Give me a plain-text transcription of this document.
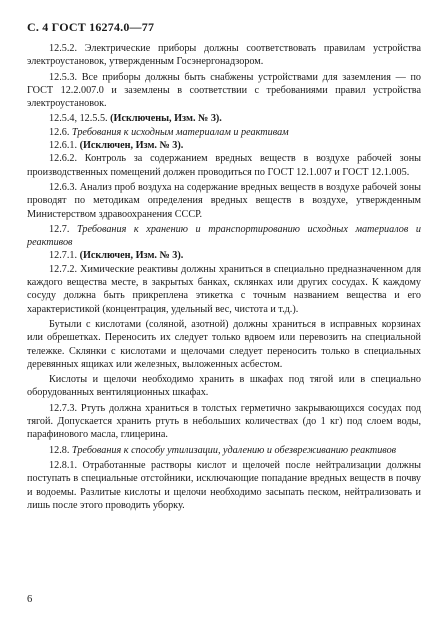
С. 4 ГОСТ 16274.0—77

12.5.2. Электрические приборы должны соответствовать правилам устройства электроустановок, утвержденным Госэнергонадзором.

12.5.3. Все приборы должны быть снабжены устройствами для заземления — по ГОСТ 12.2.007.0 и заземлены в соответствии с требованиями правил устройства электроустановок.

12.5.4, 12.5.5. (Исключены, Изм. № 3).

12.6. Требования к исходным материалам и реактивам

12.6.1. (Исключен, Изм. № 3).

12.6.2. Контроль за содержанием вредных веществ в воздухе рабочей зоны производственных помещений должен проводиться по ГОСТ 12.1.007 и ГОСТ 12.1.005.

12.6.3. Анализ проб воздуха на содержание вредных веществ в воздухе рабочей зоны проводят по методикам определения вредных веществ в воздухе, утвержденным Министерством здравоохранения СССР.

12.7. Требования к хранению и транспортированию исходных материалов и реактивов

12.7.1. (Исключен, Изм. № 3).

12.7.2. Химические реактивы должны храниться в специально предназначенном для каждого вещества месте, в закрытых банках, склянках или других сосудах. К каждому сосуду должна быть прикреплена этикетка с точным названием вещества и его характеристикой (концентрация, удельный вес, чистота и т.д.).

Бутыли с кислотами (соляной, азотной) должны храниться в исправных корзинах или обрешетках. Переносить их следует только вдвоем или перевозить на специальной тележке. Склянки с кислотами и щелочами следует переносить только в специальных деревянных ящиках или железных, выложенных асбестом.

Кислоты и щелочи необходимо хранить в шкафах под тягой или в специально оборудованных вентиляционных шкафах.

12.7.3. Ртуть должна храниться в толстых герметично закрывающихся сосудах под тягой. Допускается хранить ртуть в небольших количествах (до 1 кг) под слоем воды, парафинового масла, глицерина.

12.8. Требования к способу утилизации, удалению и обезвреживанию реактивов

12.8.1. Отработанные растворы кислот и щелочей после нейтрализации должны поступать в специальные отстойники, исключающие попадание вредных веществ в почву и водоемы. Разлитые кислоты и щелочи необходимо засыпать песком, нейтрализовать и лишь после этого проводить уборку.

6
